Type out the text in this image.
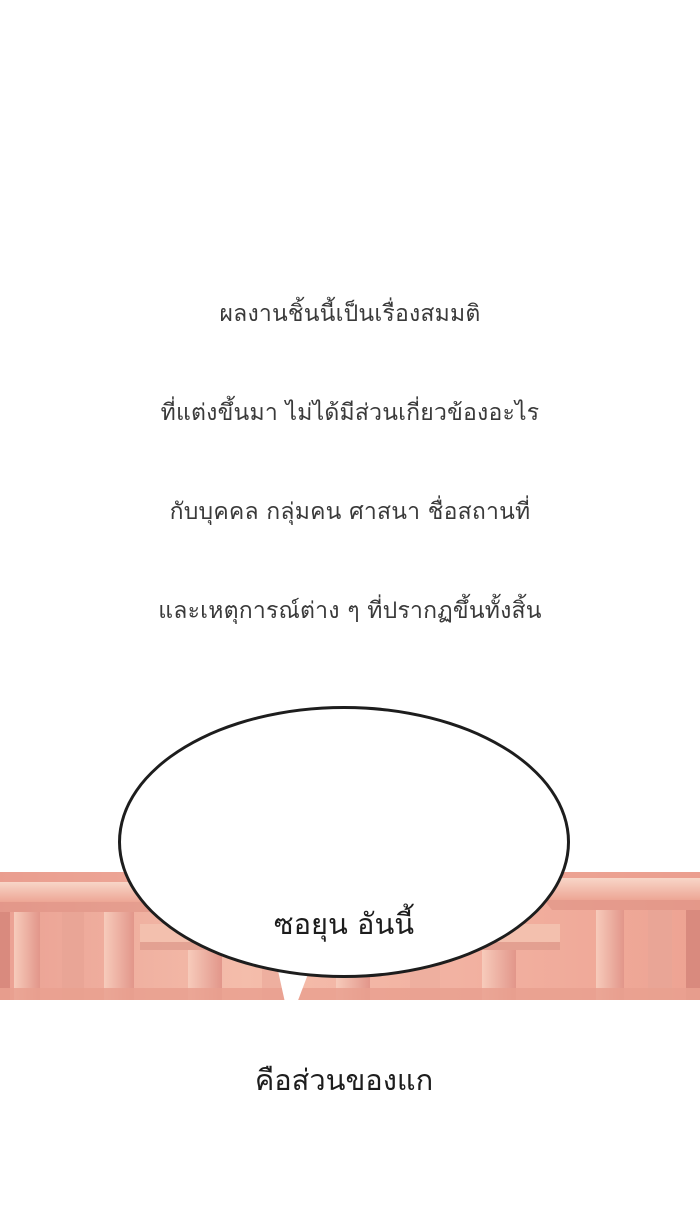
ผลงานชิ้นนี้เป็นเรื่องสมมติ

ที่แต่งขึ้นมา ไม่ได้มีส่วนเกี่ยวข้องอะไร

กับบุคคล กลุ่มคน ศาสนา ชื่อสถานที่

และเหตุการณ์ต่าง ๆ ที่ปรากฏขึ้นทั้งสิ้น

ซอยุน อันนี้

คือส่วนของแก
